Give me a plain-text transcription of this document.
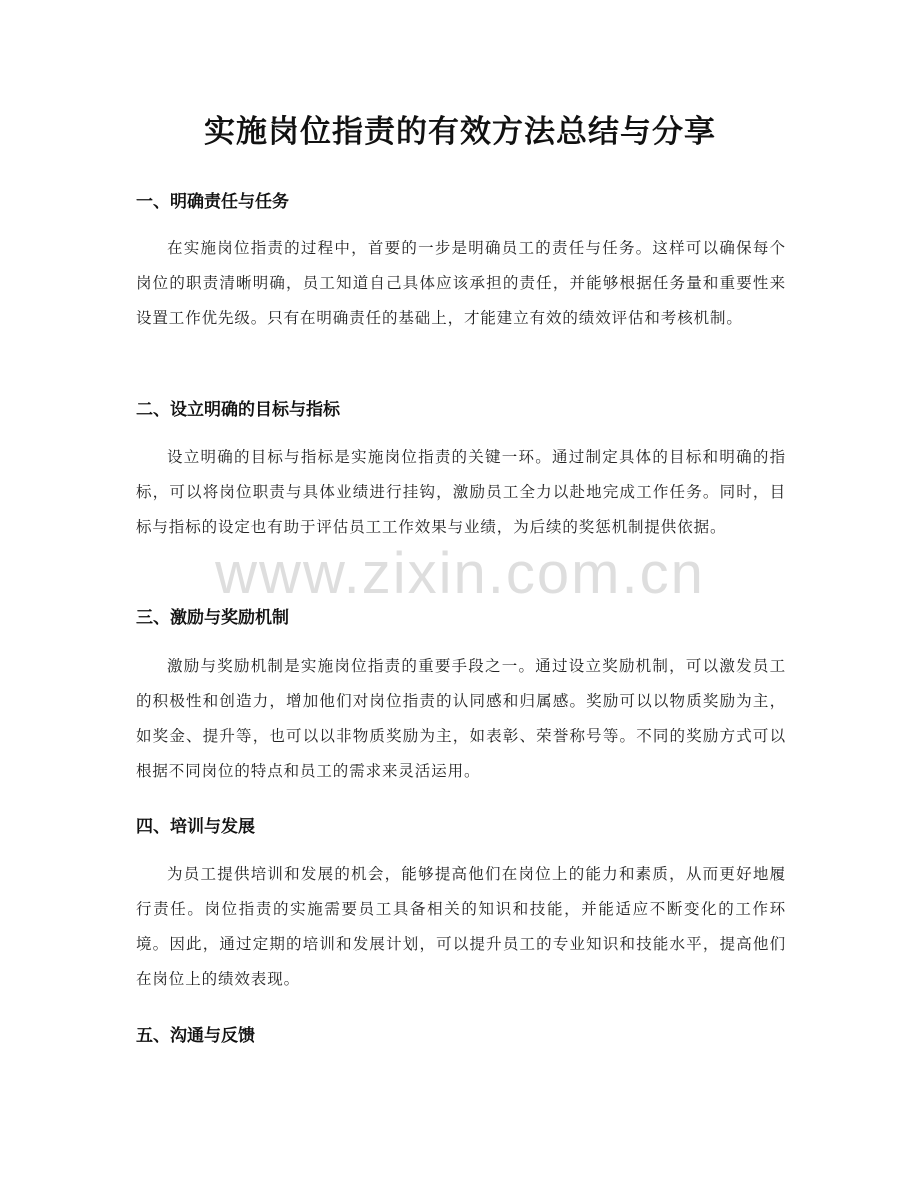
实施岗位指责的有效方法总结与分享
一、明确责任与任务

在实施岗位指责的过程中，首要的一步是明确员工的责任与任务。这样可以确保每个岗位的职责清晰明确，员工知道自己具体应该承担的责任，并能够根据任务量和重要性来设置工作优先级。只有在明确责任的基础上，才能建立有效的绩效评估和考核机制。

二、设立明确的目标与指标

设立明确的目标与指标是实施岗位指责的关键一环。通过制定具体的目标和明确的指标，可以将岗位职责与具体业绩进行挂钩，激励员工全力以赴地完成工作任务。同时，目标与指标的设定也有助于评估员工工作效果与业绩，为后续的奖惩机制提供依据。

三、激励与奖励机制

激励与奖励机制是实施岗位指责的重要手段之一。通过设立奖励机制，可以激发员工的积极性和创造力，增加他们对岗位指责的认同感和归属感。奖励可以以物质奖励为主，如奖金、提升等，也可以以非物质奖励为主，如表彰、荣誉称号等。不同的奖励方式可以根据不同岗位的特点和员工的需求来灵活运用。

四、培训与发展

为员工提供培训和发展的机会，能够提高他们在岗位上的能力和素质，从而更好地履行责任。岗位指责的实施需要员工具备相关的知识和技能，并能适应不断变化的工作环境。因此，通过定期的培训和发展计划，可以提升员工的专业知识和技能水平，提高他们在岗位上的绩效表现。

五、沟通与反馈
www.zixin.com.cn
